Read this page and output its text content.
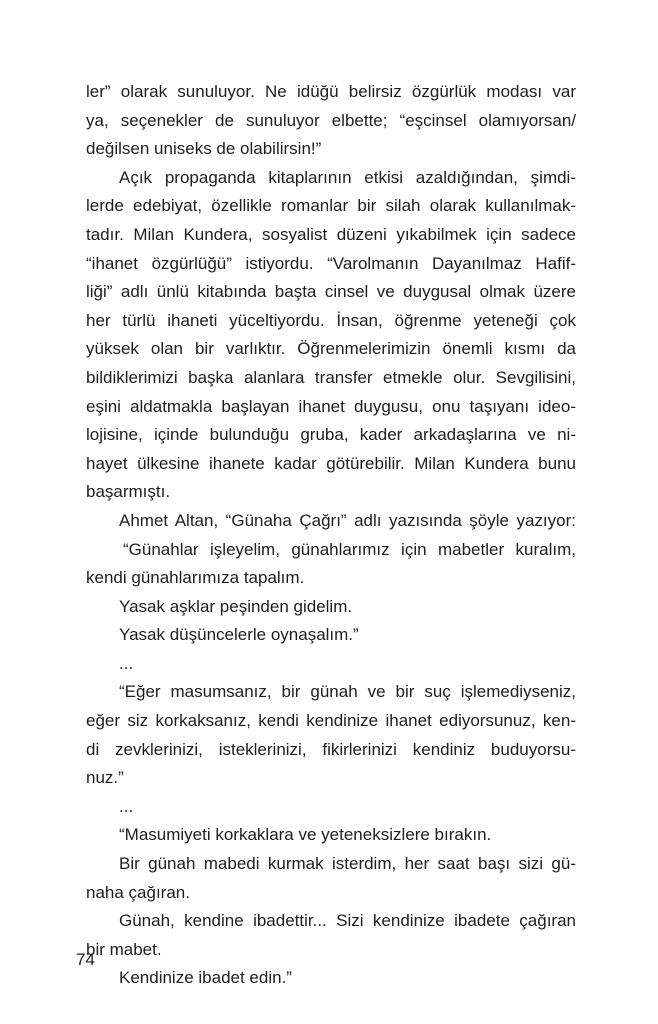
ler” olarak sunuluyor. Ne idüğü belirsiz özgürlük modası var
ya, seçenekler de sunuluyor elbette; “eşcinsel olamıyorsan/
değilsen uniseks de olabilirsin!”
Açık propaganda kitaplarının etkisi azaldığından, şimdi-
lerde edebiyat, özellikle romanlar bir silah olarak kullanılmak-
tadır. Milan Kundera, sosyalist düzeni yıkabilmek için sadece
“ihanet özgürlüğü” istiyordu. “Varolmanın Dayanılmaz Hafif-
liği” adlı ünlü kitabında başta cinsel ve duygusal olmak üzere
her türlü ihaneti yüceltiyordu. İnsan, öğrenme yeteneği çok
yüksek olan bir varlıktır. Öğrenmelerimizin önemli kısmı da
bildiklerimizi başka alanlara transfer etmekle olur. Sevgilisini,
eşini aldatmakla başlayan ihanet duygusu, onu taşıyanı ideo-
lojisine, içinde bulunduğu gruba, kader arkadaşlarına ve ni-
hayet ülkesine ihanete kadar götürebilir. Milan Kundera bunu
başarmıştı.
Ahmet Altan, “Günaha Çağrı” adlı yazısında şöyle yazıyor:
“Günahlar işleyelim, günahlarımız için mabetler kuralım,
kendi günahlarımıza tapalım.
Yasak aşklar peşinden gidelim.
Yasak düşüncelerle oynaşalım.”
...
“Eğer masumsanız, bir günah ve bir suç işlemediyseniz,
eğer siz korkaksanız, kendi kendinize ihanet ediyorsunuz, ken-
di zevklerinizi, isteklerinizi, fikirlerinizi kendiniz buduyorsu-
nuz.”
...
“Masumiyeti korkaklara ve yeteneksizlere bırakın.
Bir günah mabedi kurmak isterdim, her saat başı sizi gü-
naha çağıran.
Günah, kendine ibadettir... Sizi kendinize ibadete çağıran
bir mabet.
Kendinize ibadet edin.”
74
